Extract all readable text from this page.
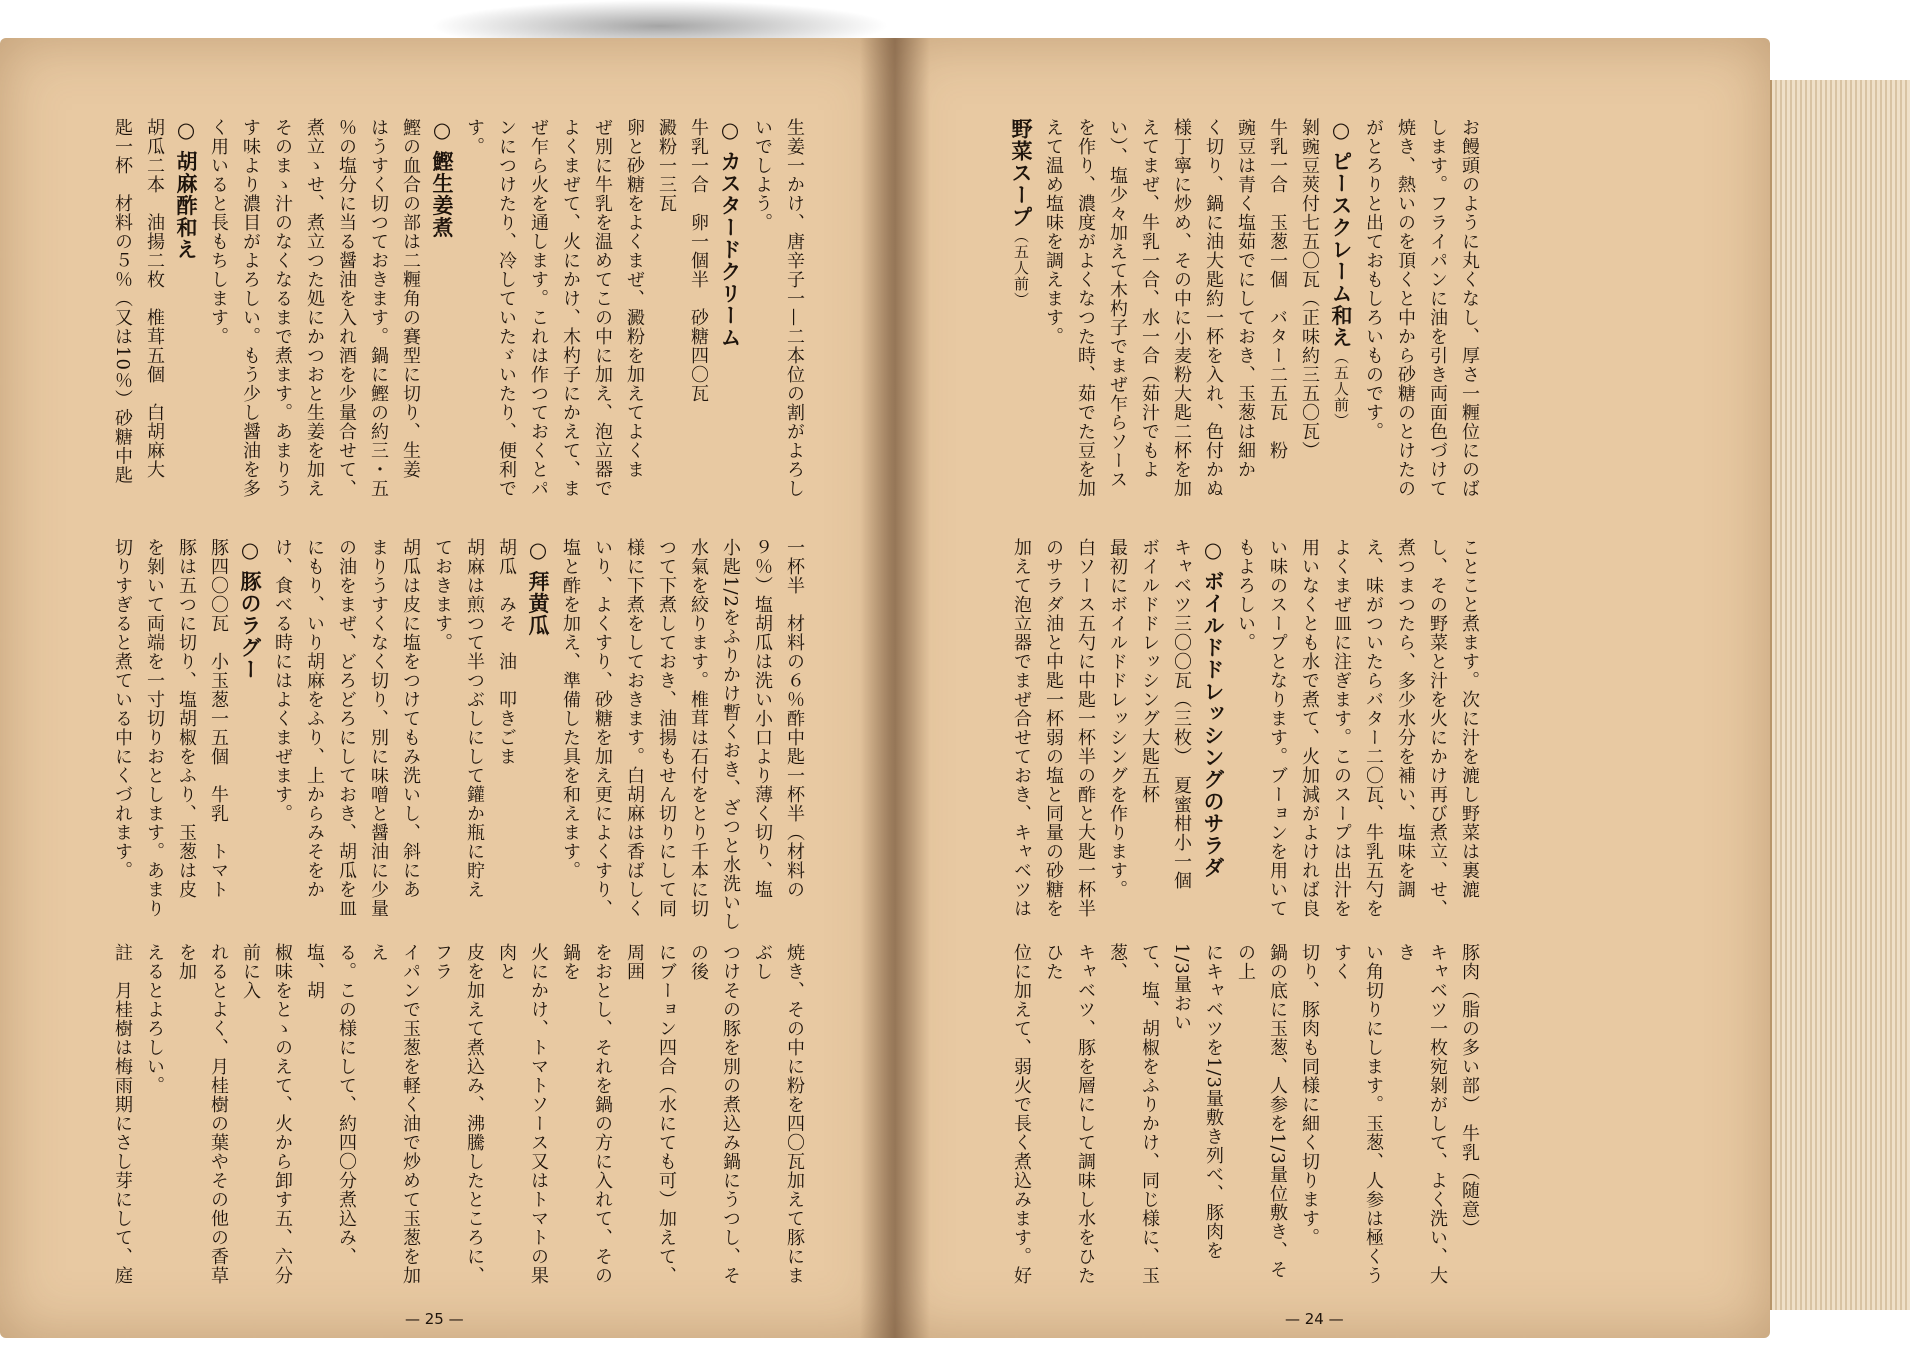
お饅頭のように丸くなし、厚さ一糎位にのば

します。フライパンに油を引き両面色づけて

焼き、熱いのを頂くと中から砂糖のとけたの

がとろりと出ておもしろいものです。

○ ピースクレーム和え（五人前）

剝豌豆莢付七五〇瓦（正味約三五〇瓦）

牛乳一合　玉葱一個　バター二五瓦　粉

豌豆は青く塩茹でにしておき、玉葱は細か

く切り、鍋に油大匙約一杯を入れ、色付かぬ

様丁寧に炒め、その中に小麦粉大匙二杯を加

えてまぜ、牛乳一合、水一合（茹汁でもよ

い）、塩少々加えて木杓子でまぜ乍らソース

を作り、濃度がよくなつた時、茹でた豆を加

えて温め塩味を調えます。

野菜スープ（五人前）

ことこと煮ます。次に汁を漉し野菜は裏漉

し、その野菜と汁を火にかけ再び煮立、せ、

煮つまつたら、多少水分を補い、塩味を調

え、味がついたらバター二〇瓦、牛乳五勺を

よくまぜ皿に注ぎます。このスープは出汁を

用いなくとも水で煮て、火加減がよければ良

い味のスープとなります。ブーョンを用いて

もよろしい。

○ ボイルドドレッシングのサラダ

キャベツ三〇〇瓦（三枚）　夏蜜柑小一個

ボイルドドレッシング大匙五杯

最初にボイルドドレッシングを作ります。

白ソース五勺に中匙一杯半の酢と大匙一杯半

のサラダ油と中匙一杯弱の塩と同量の砂糖を

加えて泡立器でまぜ合せておき、キャベツは

豚肉（脂の多い部）　牛乳（随意）

キャベツ一枚宛剝がして、よく洗い、大き

い角切りにします。玉葱、人参は極くうすく

切り、豚肉も同様に細く切ります。

鍋の底に玉葱、人参を1/3量位敷き、その上

にキャベツを1/3量敷き列べ、豚肉を1/3量おい

て、塩、胡椒をふりかけ、同じ様に、玉葱、

キャベツ、豚を層にして調味し水をひたひた

位に加えて、弱火で長く煮込みます。好

— 24 —

生姜一かけ、唐辛子一—二本位の割がよろし

いでしよう。

○ カスタードクリーム

牛乳一合　卵一個半　砂糖四〇瓦

澱粉一三瓦

卵と砂糖をよくまぜ、澱粉を加えてよくま

ぜ別に牛乳を温めてこの中に加え、泡立器で

よくまぜて、火にかけ、木杓子にかえて、ま

ぜ乍ら火を通します。これは作つておくとパ

ンにつけたり、冷していたゞいたり、便利で

す。

○ 鰹生姜煮

鰹の血合の部は二糎角の賽型に切り、生姜

はうすく切つておきます。鍋に鰹の約三・五

％の塩分に当る醤油を入れ酒を少量合せて、

煮立ゝせ、煮立つた処にかつおと生姜を加え

そのまゝ汁のなくなるまで煮ます。あまりう

す味より濃目がよろしい。もう少し醤油を多

く用いると長もちします。

○ 胡麻酢和え

胡瓜二本　油揚二枚　椎茸五個　白胡麻大

匙一杯　材料の５％（又は10％）砂糖中匙

一杯半　材料の６％酢中匙一杯半（材料の

９％）塩胡瓜は洗い小口より薄く切り、塩

小匙1/2をふりかけ暫くおき、ざつと水洗いし

水氣を絞ります。椎茸は石付をとり千本に切

つて下煮しておき、油揚もせん切りにして同

様に下煮をしておきます。白胡麻は香ばしく

いり、よくすり、砂糖を加え更によくすり、

塩と酢を加え、準備した具を和えます。

○ 拜黄瓜

胡瓜　みそ　油　叩きごま

胡麻は煎つて半つぶしにして鑵か瓶に貯え

ておきます。

胡瓜は皮に塩をつけてもみ洗いし、斜にあ

まりうすくなく切り、別に味噌と醤油に少量

の油をまぜ、どろどろにしておき、胡瓜を皿

にもり、いり胡麻をふり、上からみそをか

け、食べる時にはよくまぜます。

○ 豚のラグー

豚四〇〇瓦　小玉葱一五個　牛乳　トマト

豚は五つに切り、塩胡椒をふり、玉葱は皮

を剝いて両端を一寸切りおとします。あまり

切りすぎると煮ている中にくづれます。

焼き、その中に粉を四〇瓦加えて豚にまぶし

つけその豚を別の煮込み鍋にうつし、その後

にブーョン四合（水にても可）加えて、周囲

をおとし、それを鍋の方に入れて、その鍋を

火にかけ、トマトソース又はトマトの果肉と

皮を加えて煮込み、沸騰したところに、フラ

イパンで玉葱を軽く油で炒めて玉葱を加え

る。この様にして、約四〇分煮込み、塩、胡

椒味をとゝのえて、火から卸す五、六分前に入

れるとよく、月桂樹の葉やその他の香草を加

えるとよろしい。

註　月桂樹は梅雨期にさし芽にして、庭

— 25 —
